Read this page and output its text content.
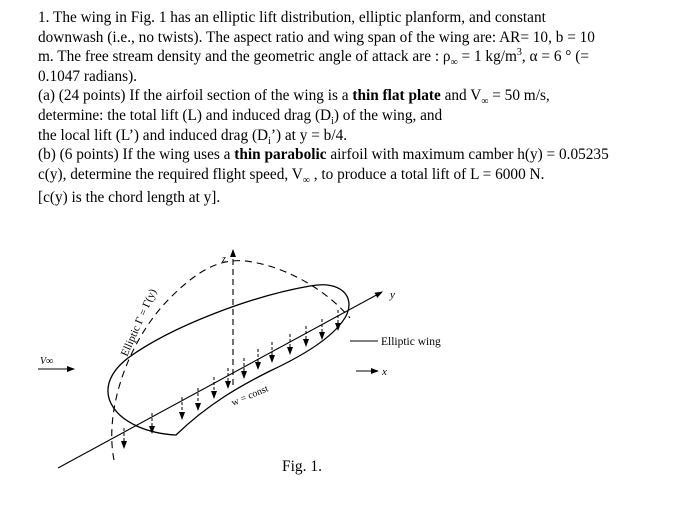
1. The wing in Fig. 1 has an elliptic lift distribution, elliptic planform, and constant

downwash (i.e., no twists). The aspect ratio and wing span of the wing are: AR= 10, b = 10

m. The free stream density and the geometric angle of attack are : $\rho_\infty = 1$ $kg/m^3$, α = 6 ° (=

0.1047 radians).

(a) (24 points) If the airfoil section of the wing is a thin flat plate and $V_\infty = 50$ m/s,

determine: the total lift (L) and induced drag $(D_i)$ of the wing, and

the local lift (L’) and induced drag $(D_i’)$ at y = b/4.

(b) (6 points) If the wing uses a thin parabolic airfoil with maximum camber h(y) = 0.05235

c(y), determine the required flight speed, $V_\infty$ , to produce a total lift of L = 6000 N.

[c(y) is the chord length at y].

z
y
x
V∞
Elliptic Γ = Γ(y)
w = const
Elliptic wing
Fig. 1.
